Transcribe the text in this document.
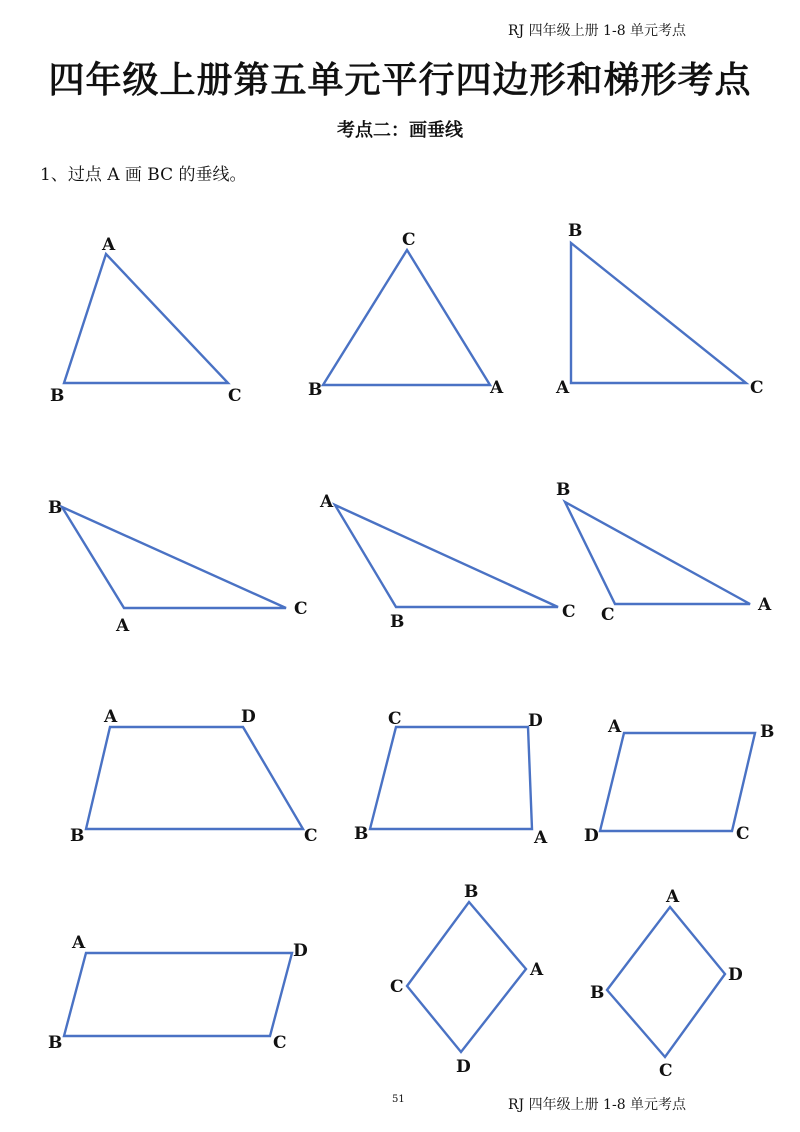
RJ 四年级上册 1-8 单元考点
四年级上册第五单元平行四边形和梯形考点
考点二：画垂线
1、过点 A 画 BC 的垂线。
A
B	C
C
B	A
B
A	C
B
A
C
A
B	C
B
C	A
A	D
C
B
C	D
A
B
A	B
C
D
A	D
C
B
B
A
D
C
A
D
C
B
51	RJ 四年级上册 1-8 单元考点
